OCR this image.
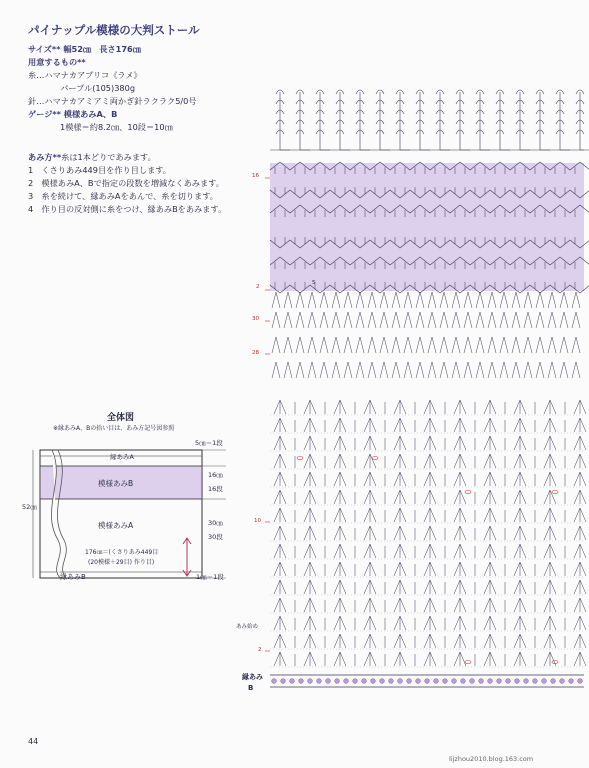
パイナップル模様の大判ストール
サイズ** 幅52㎝　長さ176㎝
用意するもの**
糸…ハマナカアプリコ《ラメ》
　パープル(105)380g
針…ハマナカアミアミ両かぎ針ラクラク5/0号
ゲージ** 模様あみA、B
1模様＝約8.2㎝、10段＝10㎝

あみ方**糸は1本どりであみます。

1　くさりあみ449目を作り目します。

2　模様あみA、Bで指定の段数を増減なくあみます。

3　糸を続けて、縁あみAをあんで、糸を切ります。

4　作り目の反対側に糸をつけ、縁あみBをあみます。

全体図
※縁あみA、Bの拾い目は、あみ方記号図参照
縁あみA
模様あみB
模様あみA
176㎝＝(くさりあみ449目
(20模様＋29目) 作り目)
縁あみB
52㎝
5㎝＝1段
16㎝
16段
30㎝
30段
1㎝＝1段
16
2
30
28
10
2
5
あみ始め
縁あみ
B
44
lijzhou2010.blog.163.com
